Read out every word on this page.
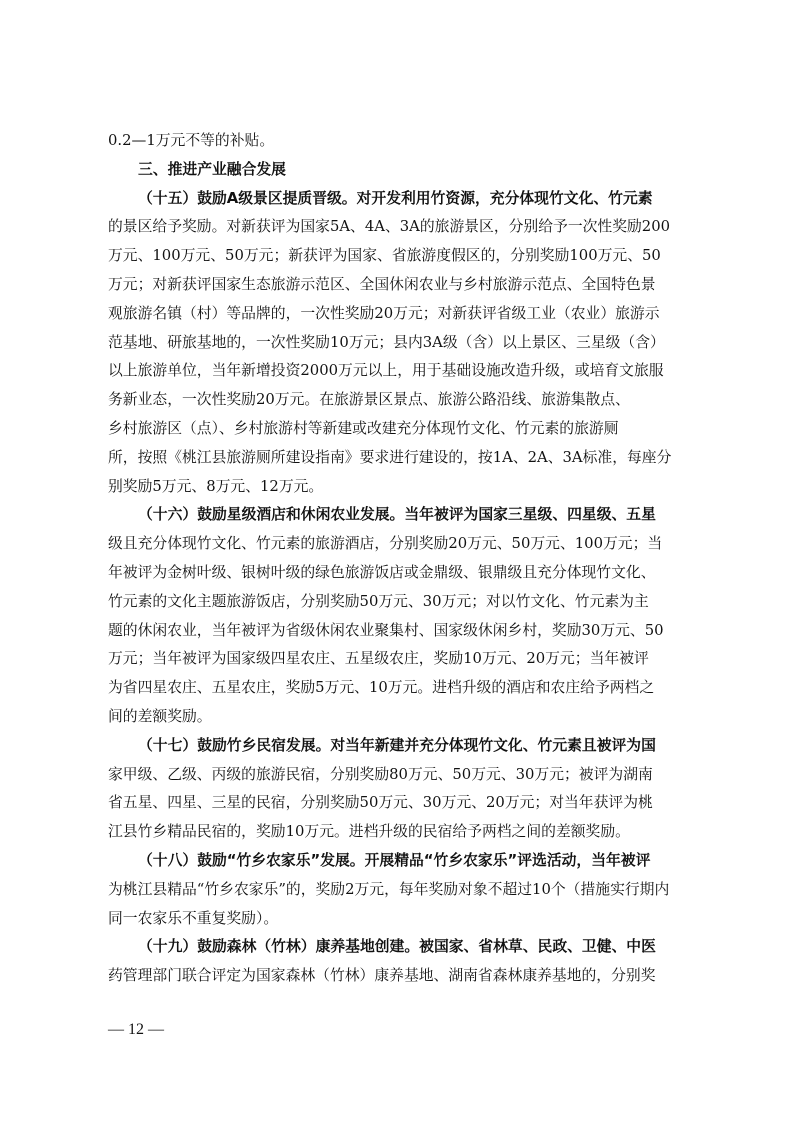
0.2—1万元不等的补贴。
三、推进产业融合发展
（十五）鼓励A级景区提质晋级。对开发利用竹资源，充分体现竹文化、竹元素
的景区给予奖励。对新获评为国家5A、4A、3A的旅游景区，分别给予一次性奖励200
万元、100万元、50万元；新获评为国家、省旅游度假区的，分别奖励100万元、50
万元；对新获评国家生态旅游示范区、全国休闲农业与乡村旅游示范点、全国特色景
观旅游名镇（村）等品牌的，一次性奖励20万元；对新获评省级工业（农业）旅游示
范基地、研旅基地的，一次性奖励10万元；县内3A级（含）以上景区、三星级（含）
以上旅游单位，当年新增投资2000万元以上，用于基础设施改造升级，或培育文旅服
务新业态，一次性奖励20万元。在旅游景区景点、旅游公路沿线、旅游集散点、
乡村旅游区（点）、乡村旅游村等新建或改建充分体现竹文化、竹元素的旅游厕
所，按照《桃江县旅游厕所建设指南》要求进行建设的，按1A、2A、3A标准，每座分
别奖励5万元、8万元、12万元。
（十六）鼓励星级酒店和休闲农业发展。当年被评为国家三星级、四星级、五星
级且充分体现竹文化、竹元素的旅游酒店，分别奖励20万元、50万元、100万元；当
年被评为金树叶级、银树叶级的绿色旅游饭店或金鼎级、银鼎级且充分体现竹文化、
竹元素的文化主题旅游饭店，分别奖励50万元、30万元；对以竹文化、竹元素为主
题的休闲农业，当年被评为省级休闲农业聚集村、国家级休闲乡村，奖励30万元、50
万元；当年被评为国家级四星农庄、五星级农庄，奖励10万元、20万元；当年被评
为省四星农庄、五星农庄，奖励5万元、10万元。进档升级的酒店和农庄给予两档之
间的差额奖励。
（十七）鼓励竹乡民宿发展。对当年新建并充分体现竹文化、竹元素且被评为国
家甲级、乙级、丙级的旅游民宿，分别奖励80万元、50万元、30万元；被评为湖南
省五星、四星、三星的民宿，分别奖励50万元、30万元、20万元；对当年获评为桃
江县竹乡精品民宿的，奖励10万元。进档升级的民宿给予两档之间的差额奖励。
（十八）鼓励“竹乡农家乐”发展。开展精品“竹乡农家乐”评选活动，当年被评
为桃江县精品“竹乡农家乐”的，奖励2万元，每年奖励对象不超过10个（措施实行期内
同一农家乐不重复奖励）。
（十九）鼓励森林（竹林）康养基地创建。被国家、省林草、民政、卫健、中医
药管理部门联合评定为国家森林（竹林）康养基地、湖南省森林康养基地的，分别奖
— 12 —
